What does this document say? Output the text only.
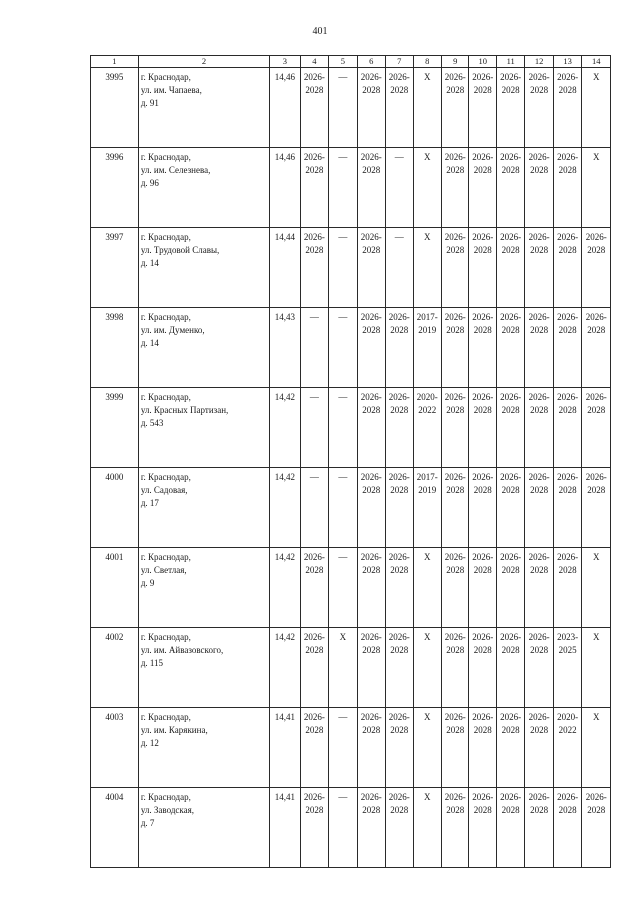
401
1	2	3	4	5	6	7	8	9	10	11	12	13	14
3995	г. Краснодар,
ул. им. Чапаева,
д. 91	14,46	2026-
2028	—	2026-
2028	2026-
2028	Х	2026-
2028	2026-
2028	2026-
2028	2026-
2028	2026-
2028	Х
3996	г. Краснодар,
ул. им. Селезнева,
д. 96	14,46	2026-
2028	—	2026-
2028	—	Х	2026-
2028	2026-
2028	2026-
2028	2026-
2028	2026-
2028	Х
3997	г. Краснодар,
ул. Трудовой Славы,
д. 14	14,44	2026-
2028	—	2026-
2028	—	Х	2026-
2028	2026-
2028	2026-
2028	2026-
2028	2026-
2028	2026-
2028

3998	г. Краснодар,
ул. им. Думенко,
д. 14	14,43	—	—	2026-
2028	2026-
2028	2017-
2019	2026-
2028	2026-
2028	2026-
2028	2026-
2028	2026-
2028	2026-
2028

3999	г. Краснодар,
ул. Красных Партизан,
д. 543	14,42	—	—	2026-
2028	2026-
2028	2020-
2022	2026-
2028	2026-
2028	2026-
2028	2026-
2028	2026-
2028	2026-
2028

4000	г. Краснодар,
ул. Садовая,
д. 17	14,42	—	—	2026-
2028	2026-
2028	2017-
2019	2026-
2028	2026-
2028	2026-
2028	2026-
2028	2026-
2028	2026-
2028

4001	г. Краснодар,
ул. Светлая,
д. 9	14,42	2026-
2028	—	2026-
2028	2026-
2028	Х	2026-
2028	2026-
2028	2026-
2028	2026-
2028	2026-
2028	Х
4002	г. Краснодар,
ул. им. Айвазовского,
д. 115	14,42	2026-
2028	Х	2026-
2028	2026-
2028	Х	2026-
2028	2026-
2028	2026-
2028	2026-
2028	2023-
2025	Х
4003	г. Краснодар,
ул. им. Карякина,
д. 12	14,41	2026-
2028	—	2026-
2028	2026-
2028	Х	2026-
2028	2026-
2028	2026-
2028	2026-
2028	2020-
2022	Х
4004	г. Краснодар,
ул. Заводская,
д. 7	14,41	2026-
2028	—	2026-
2028	2026-
2028	Х	2026-
2028	2026-
2028	2026-
2028	2026-
2028	2026-
2028	2026-
2028
